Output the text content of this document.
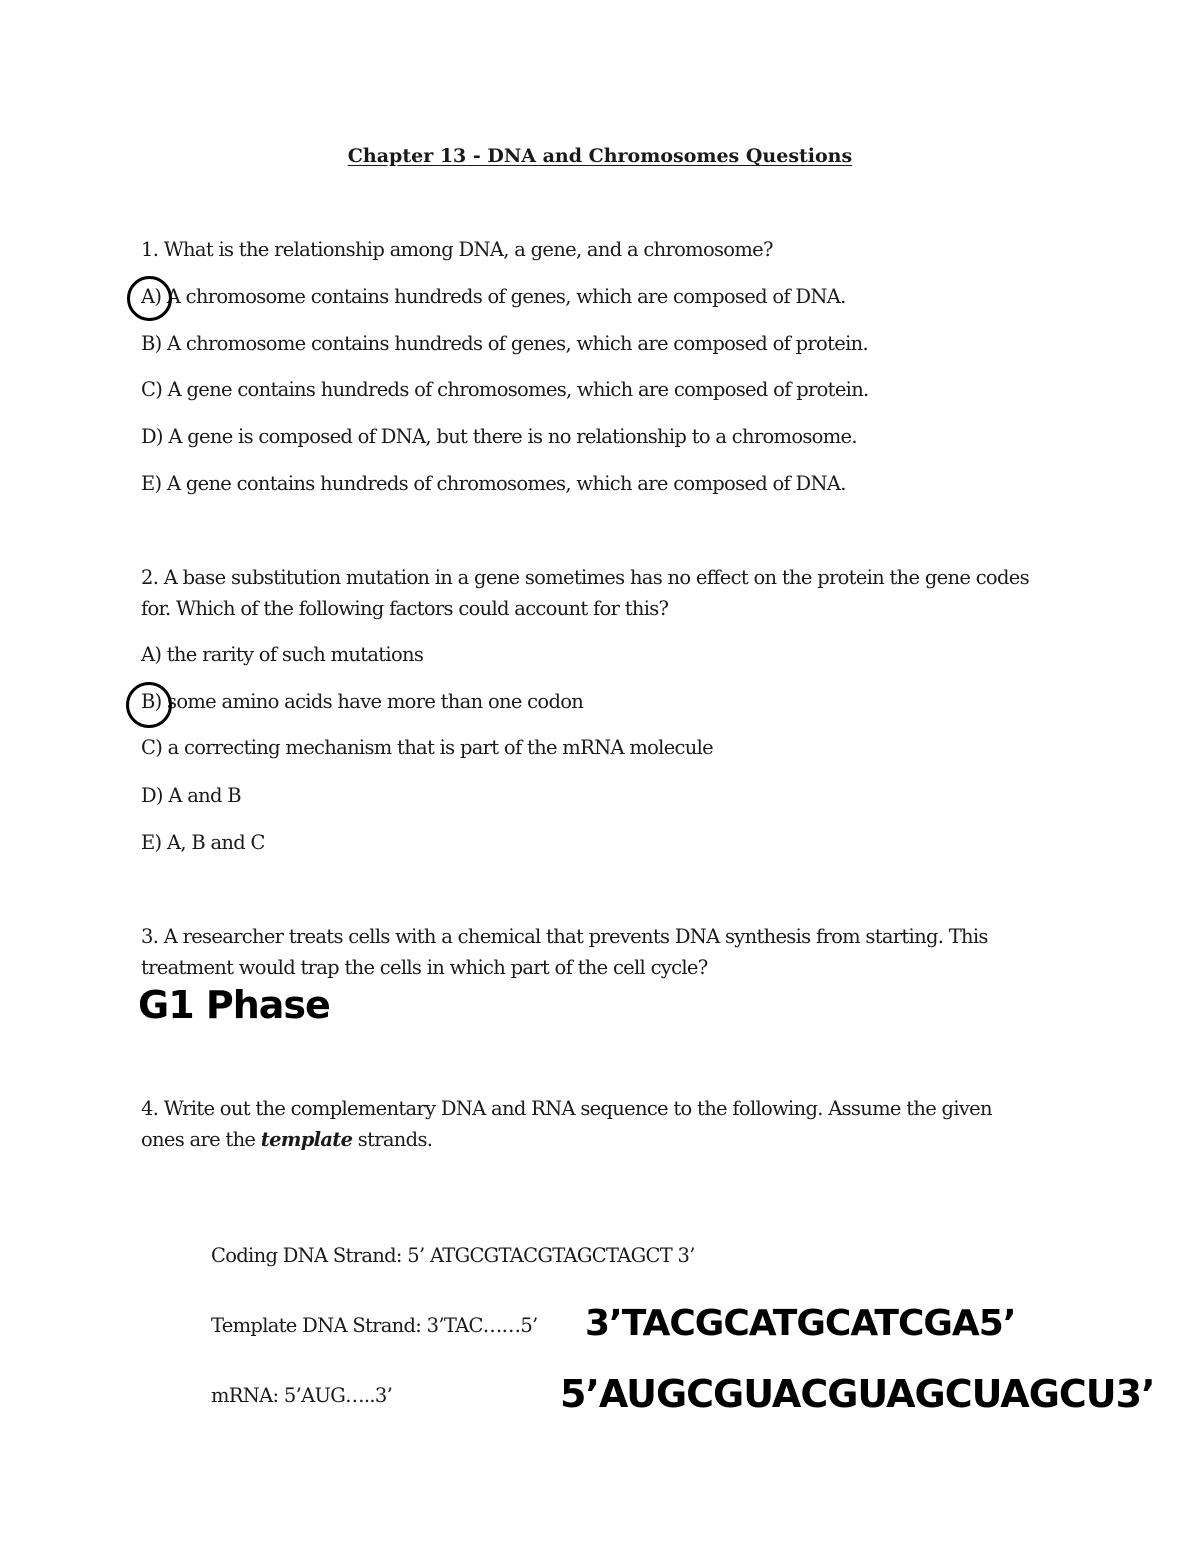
Chapter 13 - DNA and Chromosomes Questions
1. What is the relationship among DNA, a gene, and a chromosome?
A) A chromosome contains hundreds of genes, which are composed of DNA.
B) A chromosome contains hundreds of genes, which are composed of protein.
C) A gene contains hundreds of chromosomes, which are composed of protein.
D) A gene is composed of DNA, but there is no relationship to a chromosome.
E) A gene contains hundreds of chromosomes, which are composed of DNA.
2. A base substitution mutation in a gene sometimes has no effect on the protein the gene codes
for. Which of the following factors could account for this?
A) the rarity of such mutations
B) some amino acids have more than one codon
C) a correcting mechanism that is part of the mRNA molecule
D) A and B
E) A, B and C
3. A researcher treats cells with a chemical that prevents DNA synthesis from starting. This
treatment would trap the cells in which part of the cell cycle?
G1 Phase
4. Write out the complementary DNA and RNA sequence to the following. Assume the given
ones are the template strands.
Coding DNA Strand: 5’ ATGCGTACGTAGCTAGCT 3’
Template DNA Strand: 3’TAC……5’
mRNA: 5’AUG…..3’
3’TACGCATGCATCGA5’
5’AUGCGUACGUAGCUAGCU3’
